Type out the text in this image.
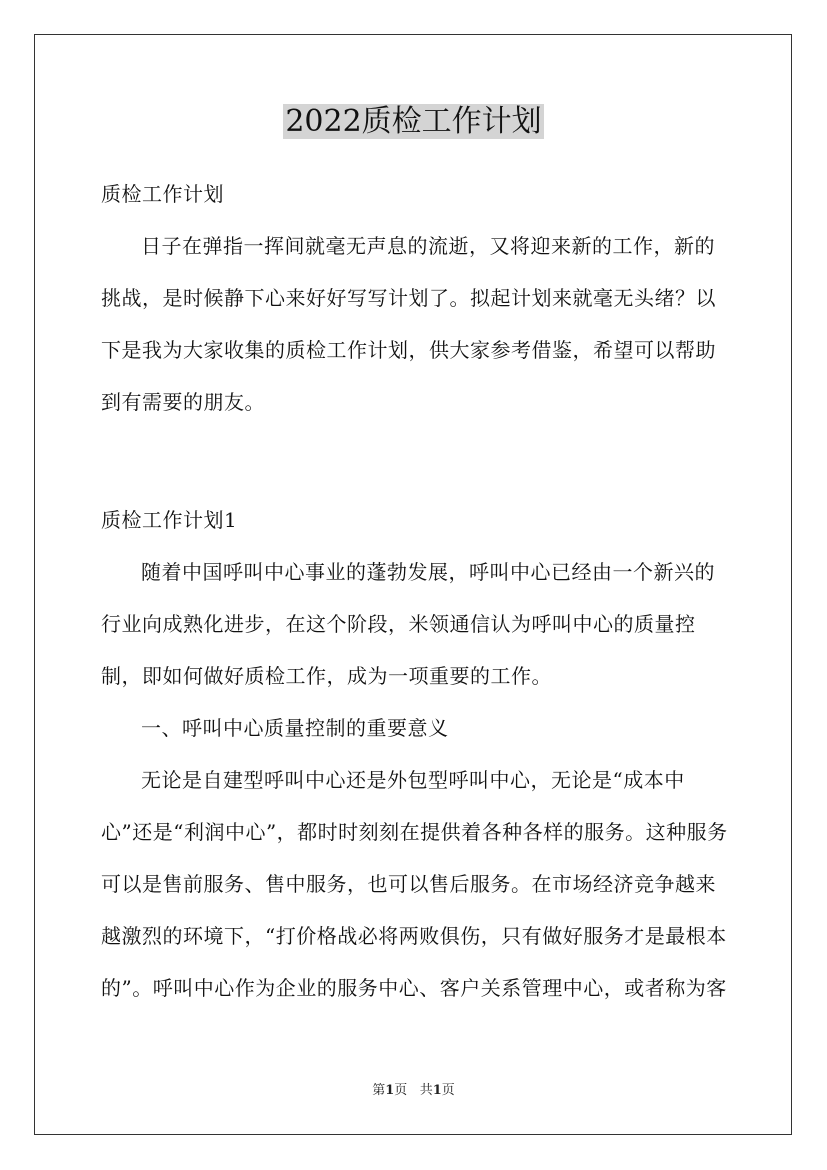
2022质检工作计划

质检工作计划

日子在弹指一挥间就毫无声息的流逝，又将迎来新的工作，新的挑战，是时候静下心来好好写写计划了。拟起计划来就毫无头绪？以下是我为大家收集的质检工作计划，供大家参考借鉴，希望可以帮助到有需要的朋友。

质检工作计划1

随着中国呼叫中心事业的蓬勃发展，呼叫中心已经由一个新兴的行业向成熟化进步，在这个阶段，米领通信认为呼叫中心的质量控制，即如何做好质检工作，成为一项重要的工作。

一、呼叫中心质量控制的重要意义

无论是自建型呼叫中心还是外包型呼叫中心，无论是“成本中心”还是“利润中心”，都时时刻刻在提供着各种各样的服务。这种服务可以是售前服务、售中服务，也可以售后服务。在市场经济竞争越来越激烈的环境下，“打价格战必将两败俱伤，只有做好服务才是最根本的”。呼叫中心作为企业的服务中心、客户关系管理中心，或者称为客

第1页 共1页
